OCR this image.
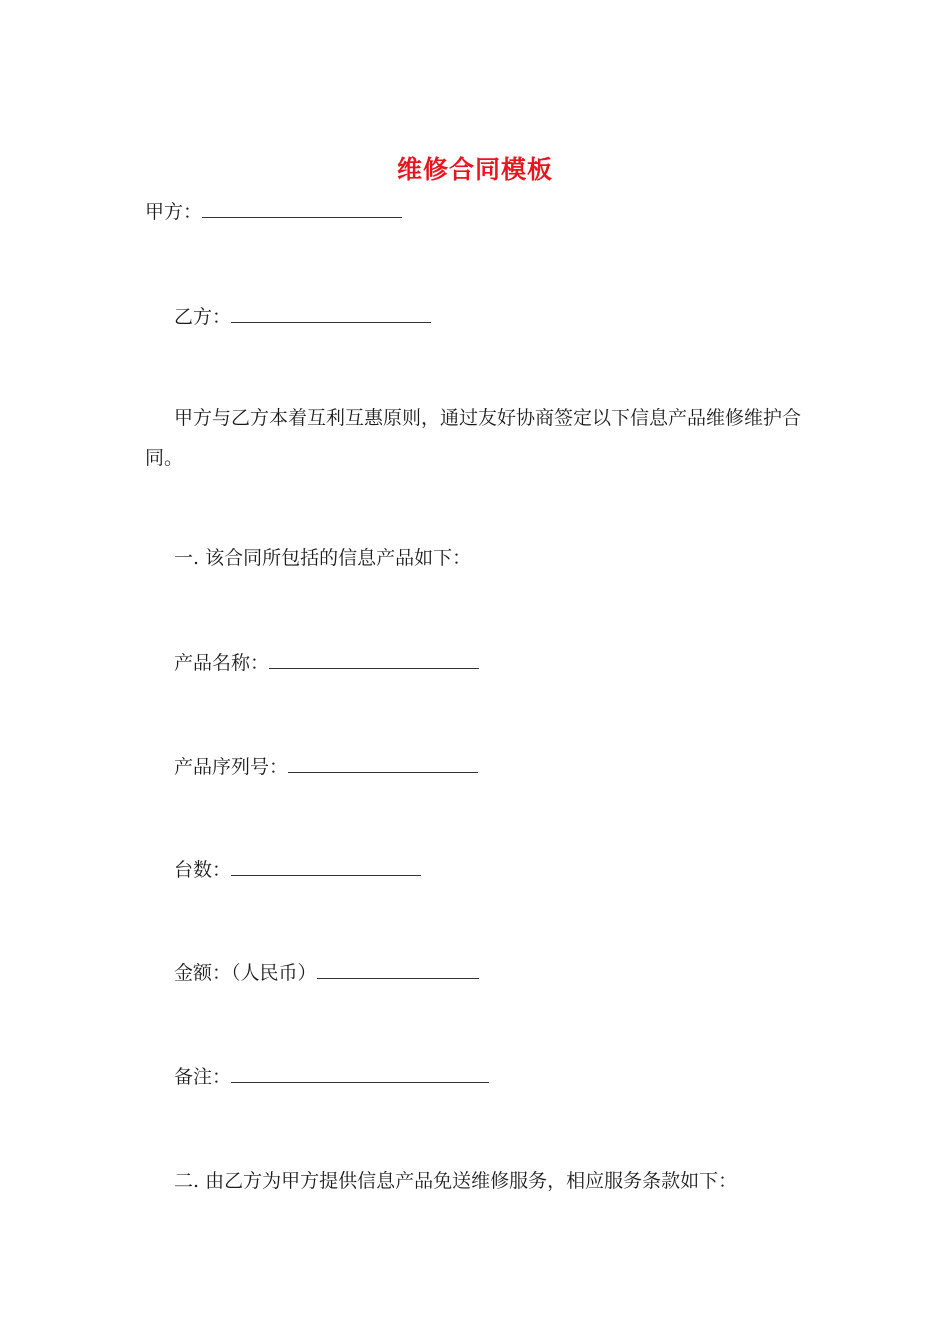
维修合同模板
甲方：
乙方：
甲方与乙方本着互利互惠原则，通过友好协商签定以下信息产品维修维护合同。
一. 该合同所包括的信息产品如下：
产品名称：
产品序列号：
台数：
金额：（人民币）
备注：
二. 由乙方为甲方提供信息产品免送维修服务，相应服务条款如下：
